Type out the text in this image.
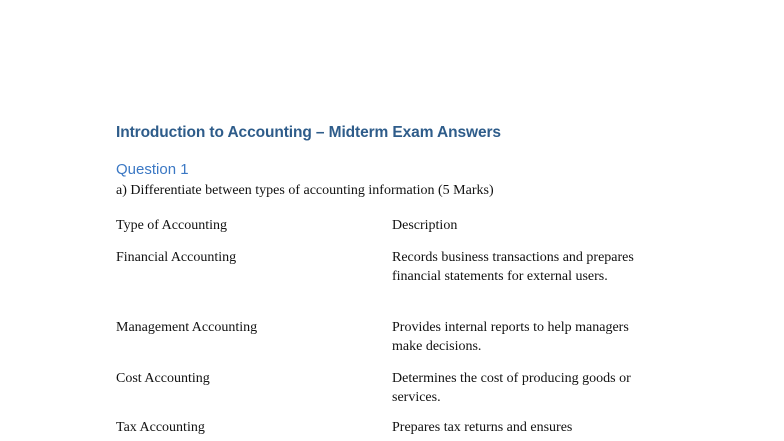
Introduction to Accounting – Midterm Exam Answers
Question 1
a) Differentiate between types of accounting information (5 Marks)
Type of Accounting	Description
Financial Accounting	Records business transactions and prepares financial statements for external users.
Management Accounting	Provides internal reports to help managers make decisions.
Cost Accounting	Determines the cost of producing goods or services.
Tax Accounting	Prepares tax returns and ensures
